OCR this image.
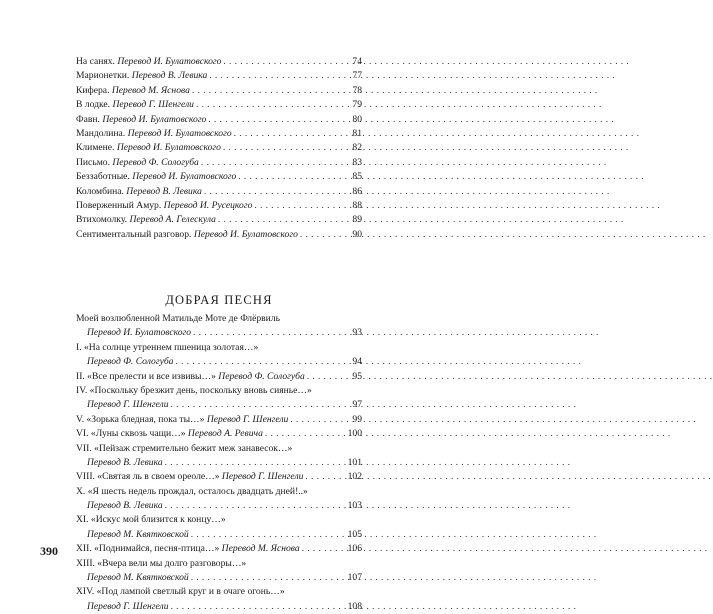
На санях. Перевод И. Булатовского . . .	74
Марионетки. Перевод В. Левика . . .	77
Кифера. Перевод М. Яснова . . .	78
В лодке. Перевод Г. Шенгели . . .	79
Фавн. Перевод И. Булатовского . . .	80
Мандолина. Перевод И. Булатовского . . .	81
Климене. Перевод И. Булатовского . . .	82
Письмо. Перевод Ф. Сологуба . . .	83
Беззаботные. Перевод И. Булатовского . . .	85
Коломбина. Перевод В. Левика . . .	86
Поверженный Амур. Перевод И. Русецкого . . .	88
Втихомолку. Перевод А. Гелескула . . .	89
Сентиментальный разговор. Перевод И. Булатовского . . .	90
ДОБРАЯ ПЕСНЯ
Моей возлюбленной Матильде Моте де Флёрвиль
Перевод И. Булатовского . . .	93
I. «На солнце утреннем пшеница золотая…»
Перевод Ф. Сологуба . . .	94
II. «Все прелести и все извивы…» Перевод Ф. Сологуба . . .	95
IV. «Поскольку брезжит день, поскольку вновь сиянье…»
Перевод Г. Шенгели . . .	97
V. «Зорька бледная, пока ты…» Перевод Г. Шенгели . . .	99
VI. «Луны сквозь чащи…» Перевод А. Ревича . . .	100
VII. «Пейзаж стремительно бежит меж занавесок…»
Перевод В. Левика . . .	101
VIII. «Святая ль в своем ореоле…» Перевод Г. Шенгели . . .	102
X. «Я шесть недель прождал, осталось двадцать дней!..»
Перевод В. Левика . . .	103
XI. «Искус мой близится к концу…»
Перевод М. Квятковской . . .	105
XII. «Поднимайся, песня-птица…» Перевод М. Яснова . . .	106
XIII. «Вчера вели мы долго разговоры…»
Перевод М. Квятковской . . .	107
XIV. «Под лампой светлый круг и в очаге огонь…»
Перевод Г. Шенгели . . .	108
390
